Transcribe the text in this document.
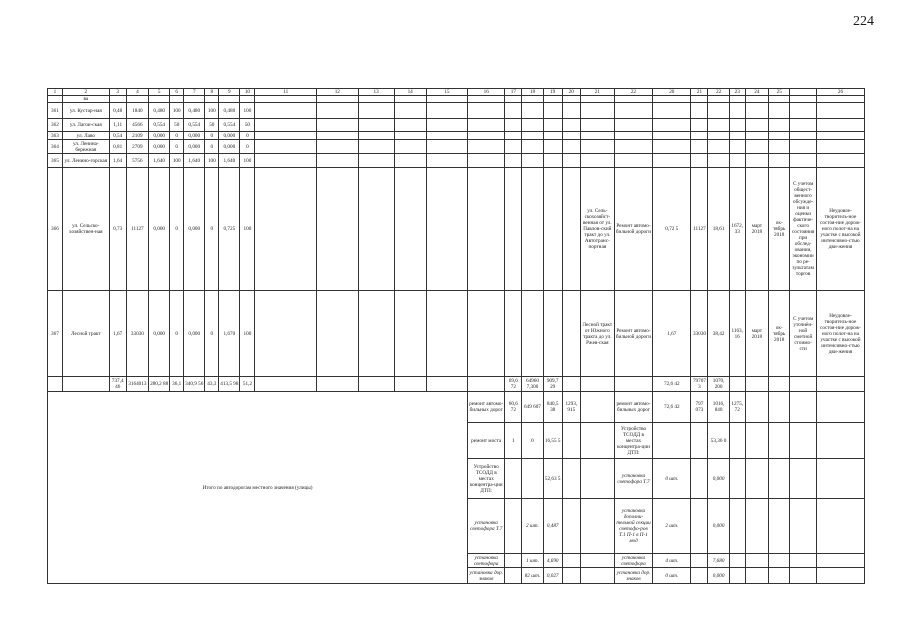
224
1	2	3	4	5	6	7	8	9	10	11	12	13	14	15	16	17	18	19	20	21	22	20	21	22	23	24	25		26
	ва																												
361	ул. Кустар-ная	0,48	1840	0,480	100	0,480	100	0,480	100																				
362	ул. Лагои-ская	1,11	4566	0,554	50	0,554	50	0,554	50																				
363	ул. Лаво	0,54	2109	0,000	0	0,000	0	0,000	0																				
364	ул. Ленина-бережная	0,81	2709	0,000	0	0,000	0	0,000	0																				
365	ул. Ленино-горская	1,64	5756	1,640	100	1,640	100	1,640	100																				
366	ул. Сельско-хозяйствен-ная	0,73	11127	0,000	0	0,000	0	0,725	100											ул. Сель-скохозяйст-венная от ул. Павлов-ский тракт до ул. Автотранс-портная	Ремонт автомо-бильной дороги	0,72 5	11127	18,61	1672, 33	март 2018	ок-тябрь 2018	С учетом общест-венного обсужде-ния и оценки фактиче-ского состояния при обслед-овании, экономии по ре-зультатам торгов	Неудовле-творитель-ное состоя-ние дорож-ного полот-на на участке с высокой интенсивно-стью дви-жения
367	Лесной тракт	1,67	33030	0,000	0	0,000	0	1,670	100											Лесной тракт от Южного тракта до ул. Ржев-ская	Ремонт автомо-бильной дороги	1,67	33030	38,42	1163, 16	март 2018	ок-тябрь 2018	С учетом уточнён-ной сметной стоимо-сти	Неудовле-творитель-ное состоя-ние дорож-ного полот-на на участке с высокой интенсивно-стью дви-жения
		737,4 46	3164013	280,2 88	36,1	340,9 56	43,3	413,5 98	51,2							69,6 72	64960 7,300	909,7 29				72,6 42	797073	1070, 200					
Итого по автодорогам местного значения (улицы)															ремонт автомо-бильных дорог	60,6 72	649 607	840,5 38	1293, 915		ремонт автомо-бильных дорог	72,6 42	797 073	1016, 840	1275, 72				
															ремонт моста	1	0	16,55 5			Устройство ТСОДД в местах концентра-ции ДТП:			53,36 0					
															Устройство ТСОДД в местах концентра-ции ДТП:			52,63 5			установка светофора Т.7	0 шт.		0,000					
															установка светофора Т.7		2 шт.	0,487			установка дополни-тельной секции светофо-ров Т.1 П-1 в П-1 мод	2 шт.		0,000					
															установка светофора		1 шт.	4,690			установка светофора	4 шт.		7,680					
															установка дор. знаков		82 шт.	0,027			установка дор. знаков	0 шт.		0,000					
